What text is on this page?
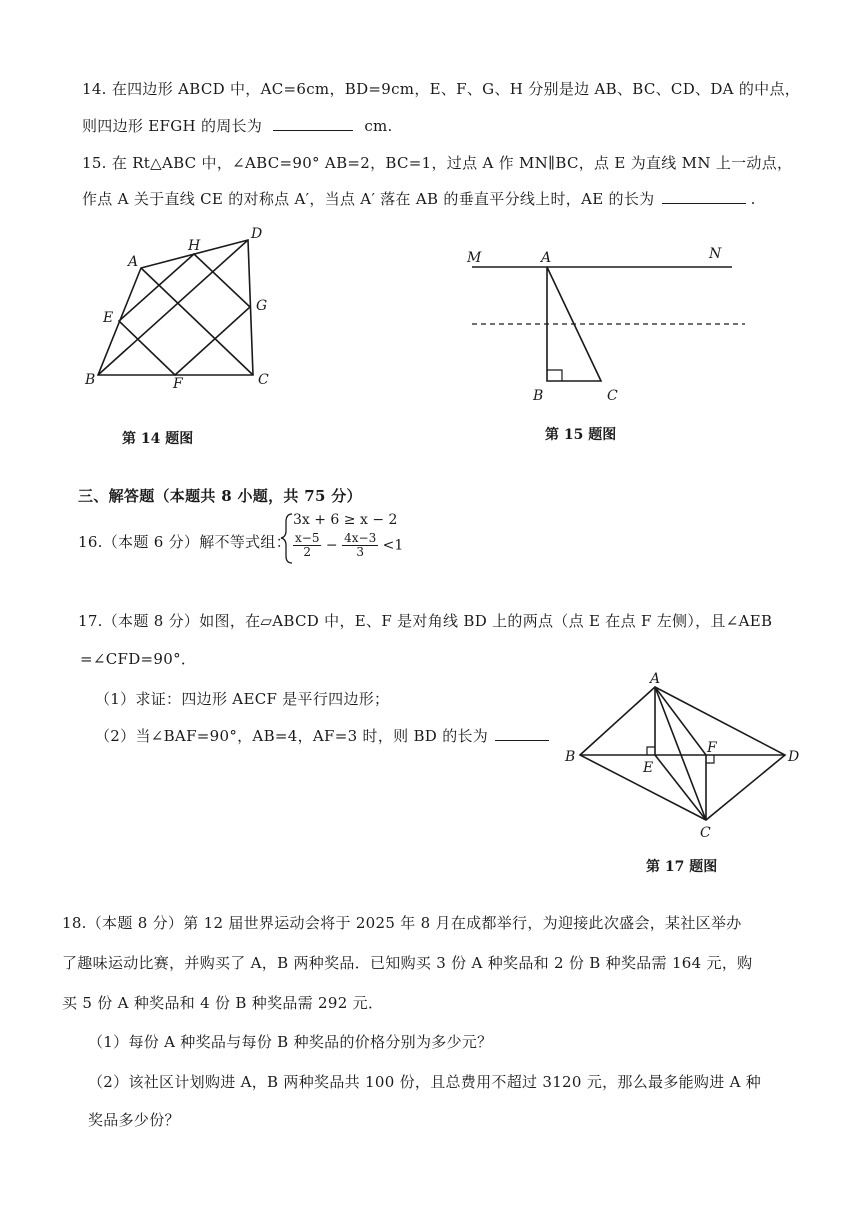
14. 在四边形 ABCD 中，AC=6cm，BD=9cm，E、F、G、H 分别是边 AB、BC、CD、DA 的中点，
则四边形 EFGH 的周长为	cm.
15. 在 Rt△ABC 中，∠ABC=90° AB=2，BC=1，过点 A 作 MN∥BC，点 E 为直线 MN 上一动点，
作点 A 关于直线 CE 的对称点 A′，当点 A′ 落在 AB 的垂直平分线上时，AE 的长为	.
A
H
D
E
G
B	F	C
M	A	N
B	C
A
B	D
E
F
C
第 14 题图	第 15 题图
三、解答题（本题共 8 小题，共 75 分）
16.（本题 6 分）解不等式组：
3x + 6 ≥ x − 2
$\frac{x-5}{2} - \frac{4x-3}{3} <1$
17.（本题 8 分）如图，在▱ABCD 中，E、F 是对角线 BD 上的两点（点 E 在点 F 左侧），且∠AEB
=∠CFD=90°．
（1）求证：四边形 AECF 是平行四边形；
（2）当∠BAF=90°，AB=4，AF=3 时，则 BD 的长为
第 17 题图
18.（本题 8 分）第 12 届世界运动会将于 2025 年 8 月在成都举行，为迎接此次盛会，某社区举办
了趣味运动比赛，并购买了 A，B 两种奖品．已知购买 3 份 A 种奖品和 2 份 B 种奖品需 164 元，购
买 5 份 A 种奖品和 4 份 B 种奖品需 292 元．
（1）每份 A 种奖品与每份 B 种奖品的价格分别为多少元？
（2）该社区计划购进 A，B 两种奖品共 100 份，且总费用不超过 3120 元，那么最多能购进 A 种
奖品多少份？
